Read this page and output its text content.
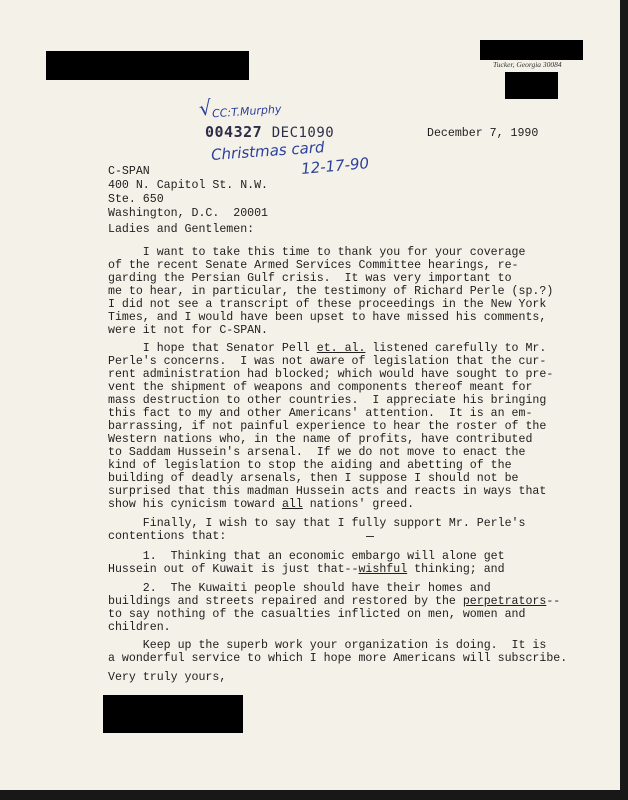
Tucker, Georgia 30084
√
CC:T.Murphy
004327 DEC1090
Christmas card
12-17-90
December 7, 1990
C-SPAN
400 N. Capitol St. N.W.
Ste. 650
Washington, D.C.  20001
Ladies and Gentlemen:
I want to take this time to thank you for your coverage
of the recent Senate Armed Services Committee hearings, re-
garding the Persian Gulf crisis.  It was very important to
me to hear, in particular, the testimony of Richard Perle (sp.?)
I did not see a transcript of these proceedings in the New York
Times, and I would have been upset to have missed his comments,
were it not for C-SPAN.
I hope that Senator Pell et. al. listened carefully to Mr.
Perle's concerns.  I was not aware of legislation that the cur-
rent administration had blocked; which would have sought to pre-
vent the shipment of weapons and components thereof meant for
mass destruction to other countries.  I appreciate his bringing
this fact to my and other Americans' attention.  It is an em-
barrassing, if not painful experience to hear the roster of the
Western nations who, in the name of profits, have contributed
to Saddam Hussein's arsenal.  If we do not move to enact the
kind of legislation to stop the aiding and abetting of the
building of deadly arsenals, then I suppose I should not be
surprised that this madman Hussein acts and reacts in ways that
show his cynicism toward all nations' greed.
Finally, I wish to say that I fully support Mr. Perle's
contentions that:
1.  Thinking that an economic embargo will alone get
Hussein out of Kuwait is just that--wishful thinking; and
2.  The Kuwaiti people should have their homes and
buildings and streets repaired and restored by the perpetrators--
to say nothing of the casualties inflicted on men, women and
children.
Keep up the superb work your organization is doing.  It is
a wonderful service to which I hope more Americans will subscribe.
Very truly yours,
